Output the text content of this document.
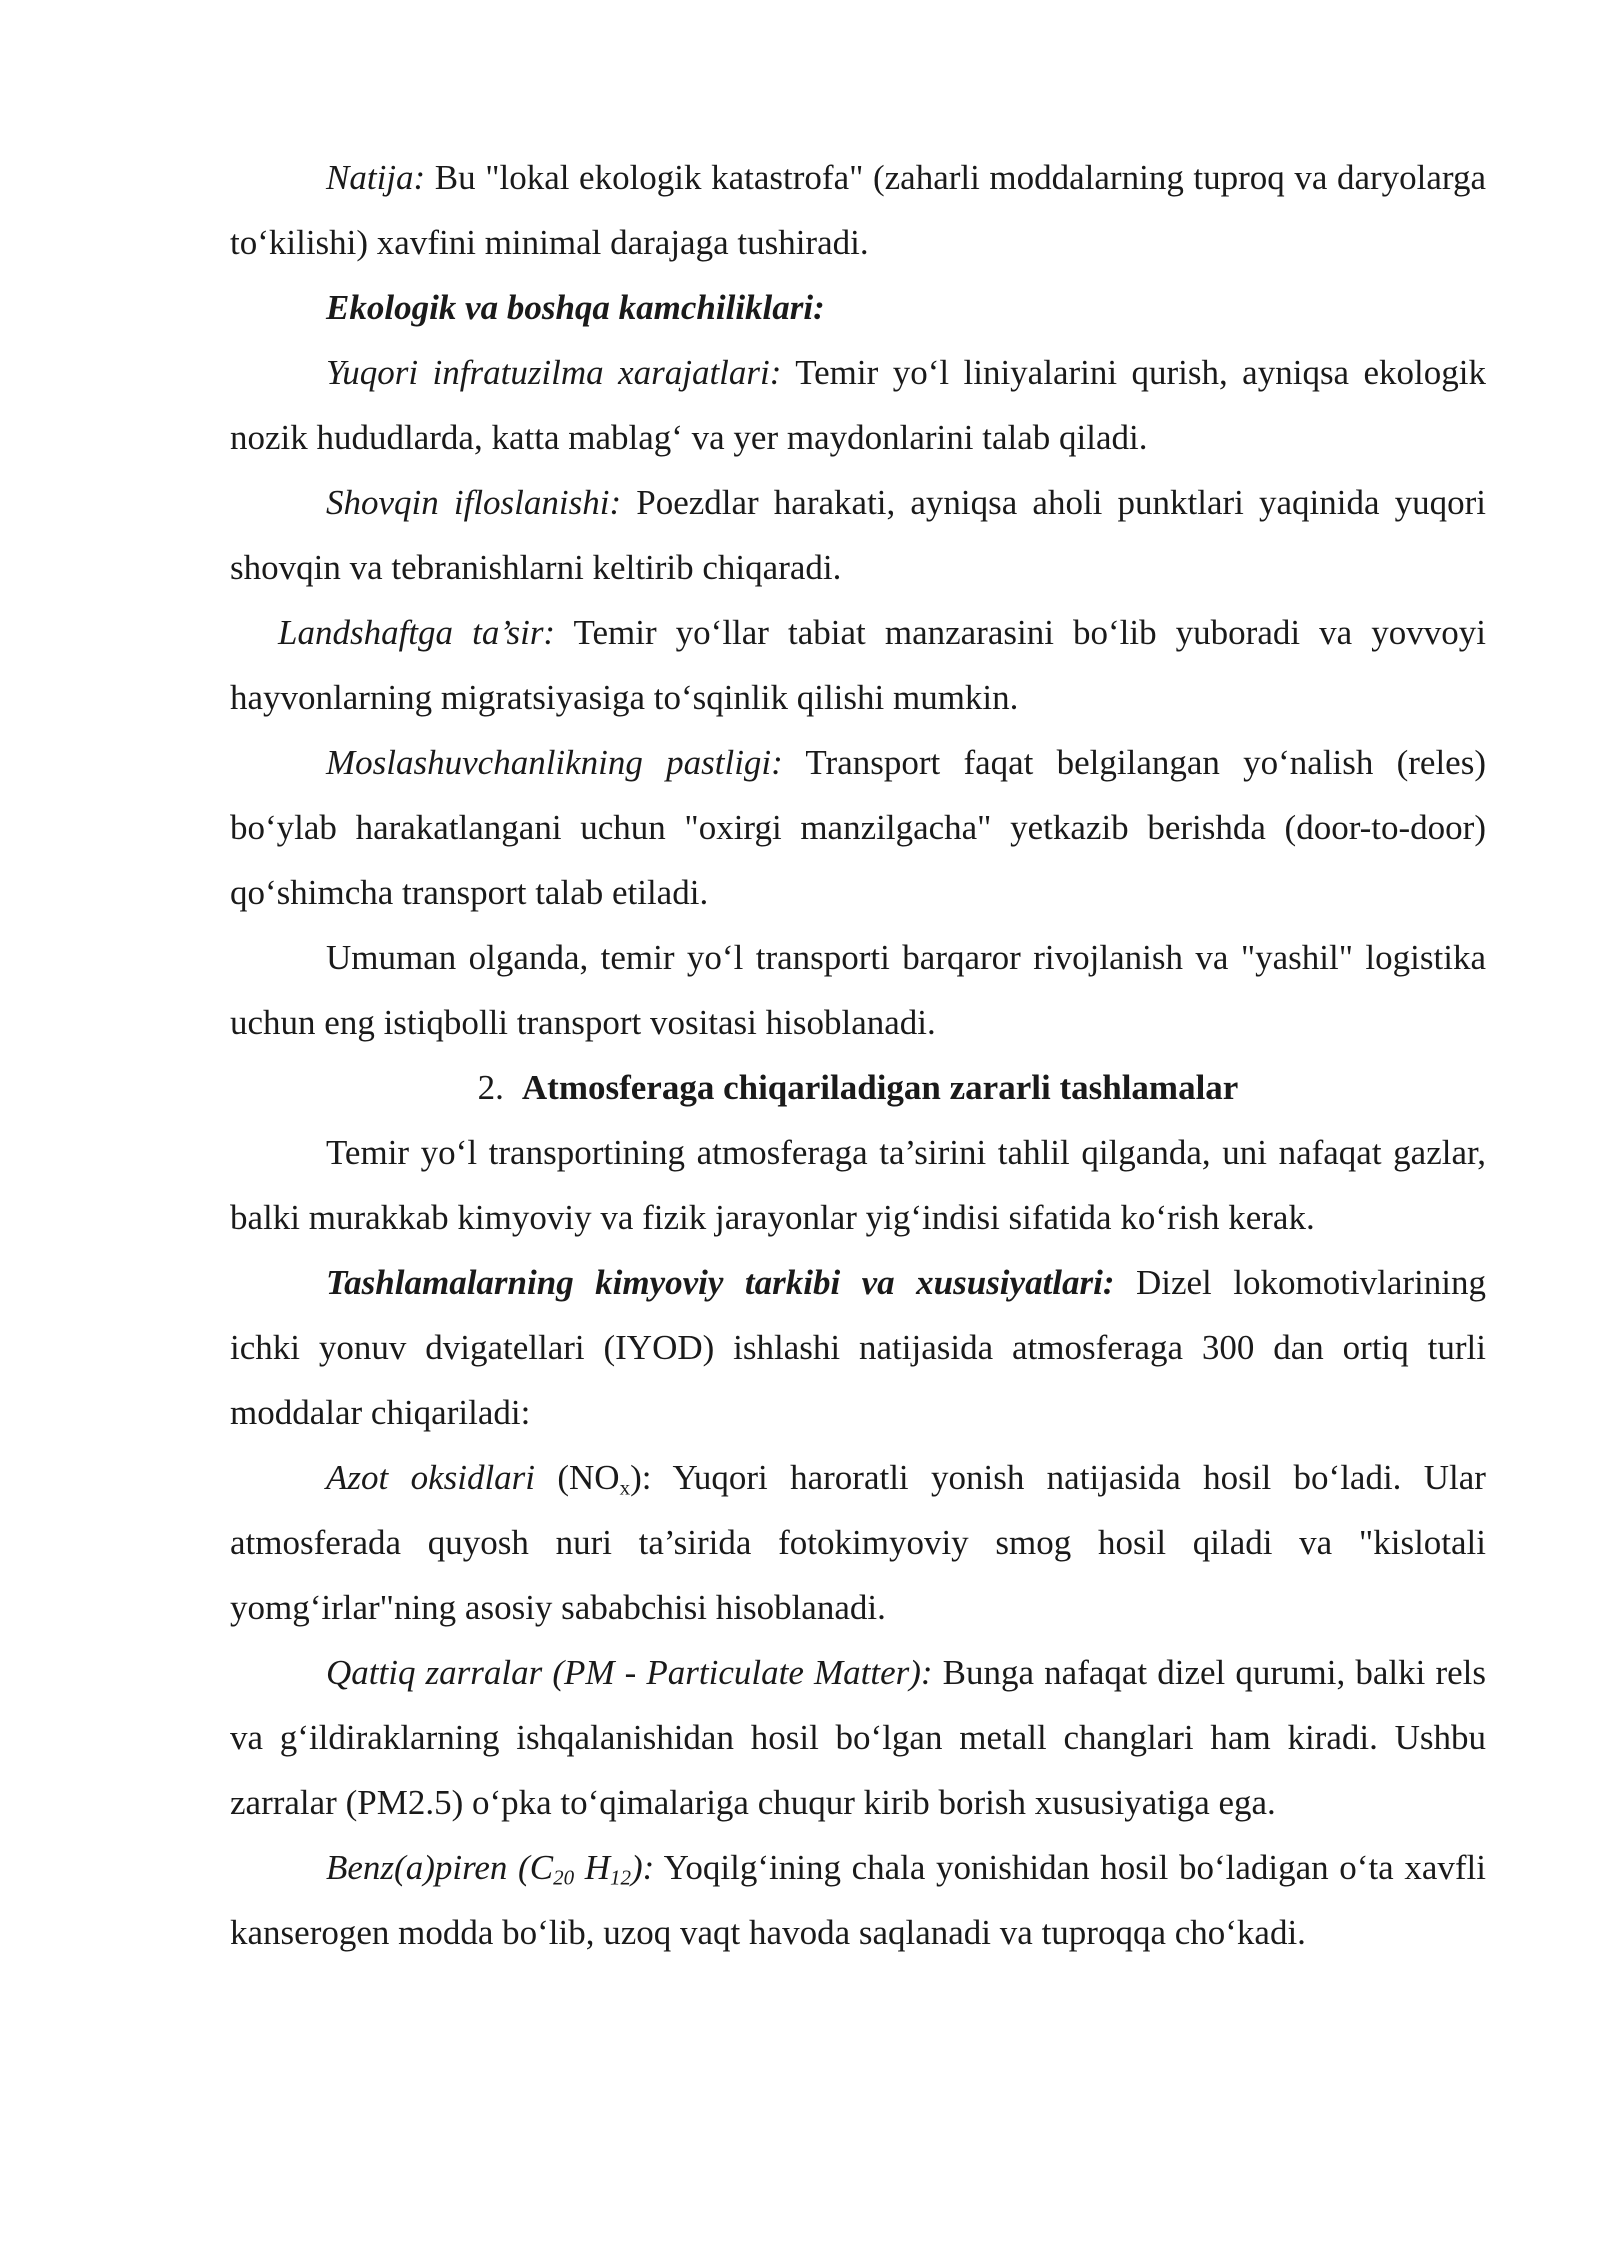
Natija: Bu "lokal ekologik katastrofa" (zaharli moddalarning tuproq va daryolarga to‘kilishi) xavfini minimal darajaga tushiradi.

Ekologik va boshqa kamchiliklari:

Yuqori infratuzilma xarajatlari: Temir yo‘l liniyalarini qurish, ayniqsa ekologik nozik hududlarda, katta mablag‘ va yer maydonlarini talab qiladi.

Shovqin ifloslanishi: Poezdlar harakati, ayniqsa aholi punktlari yaqinida yuqori shovqin va tebranishlarni keltirib chiqaradi.

Landshaftga ta’sir: Temir yo‘llar tabiat manzarasini bo‘lib yuboradi va yovvoyi hayvonlarning migratsiyasiga to‘sqinlik qilishi mumkin.

Moslashuvchanlikning pastligi: Transport faqat belgilangan yo‘nalish (reles) bo‘ylab harakatlangani uchun "oxirgi manzilgacha" yetkazib berishda (door-to-door) qo‘shimcha transport talab etiladi.

Umuman olganda, temir yo‘l transporti barqaror rivojlanish va "yashil" logistika uchun eng istiqbolli transport vositasi hisoblanadi.

2. Atmosferaga chiqariladigan zararli tashlamalar

Temir yo‘l transportining atmosferaga ta’sirini tahlil qilganda, uni nafaqat gazlar, balki murakkab kimyoviy va fizik jarayonlar yig‘indisi sifatida ko‘rish kerak.

Tashlamalarning kimyoviy tarkibi va xususiyatlari: Dizel lokomotivlarining ichki yonuv dvigatellari (IYOD) ishlashi natijasida atmosferaga 300 dan ortiq turli moddalar chiqariladi:

Azot oksidlari $(NO_x)$: Yuqori haroratli yonish natijasida hosil bo‘ladi. Ular atmosferada quyosh nuri ta’sirida fotokimyoviy smog hosil qiladi va "kislotali yomg‘irlar"ning asosiy sababchisi hisoblanadi.

Qattiq zarralar (PM - Particulate Matter): Bunga nafaqat dizel qurumi, balki rels va g‘ildiraklarning ishqalanishidan hosil bo‘lgan metall changlari ham kiradi. Ushbu zarralar (PM2.5) o‘pka to‘qimalariga chuqur kirib borish xususiyatiga ega.

Benz(a)piren ($C_{20}$ $H_{12}$): Yoqilg‘ining chala yonishidan hosil bo‘ladigan o‘ta xavfli kanserogen modda bo‘lib, uzoq vaqt havoda saqlanadi va tuproqqa cho‘kadi.
